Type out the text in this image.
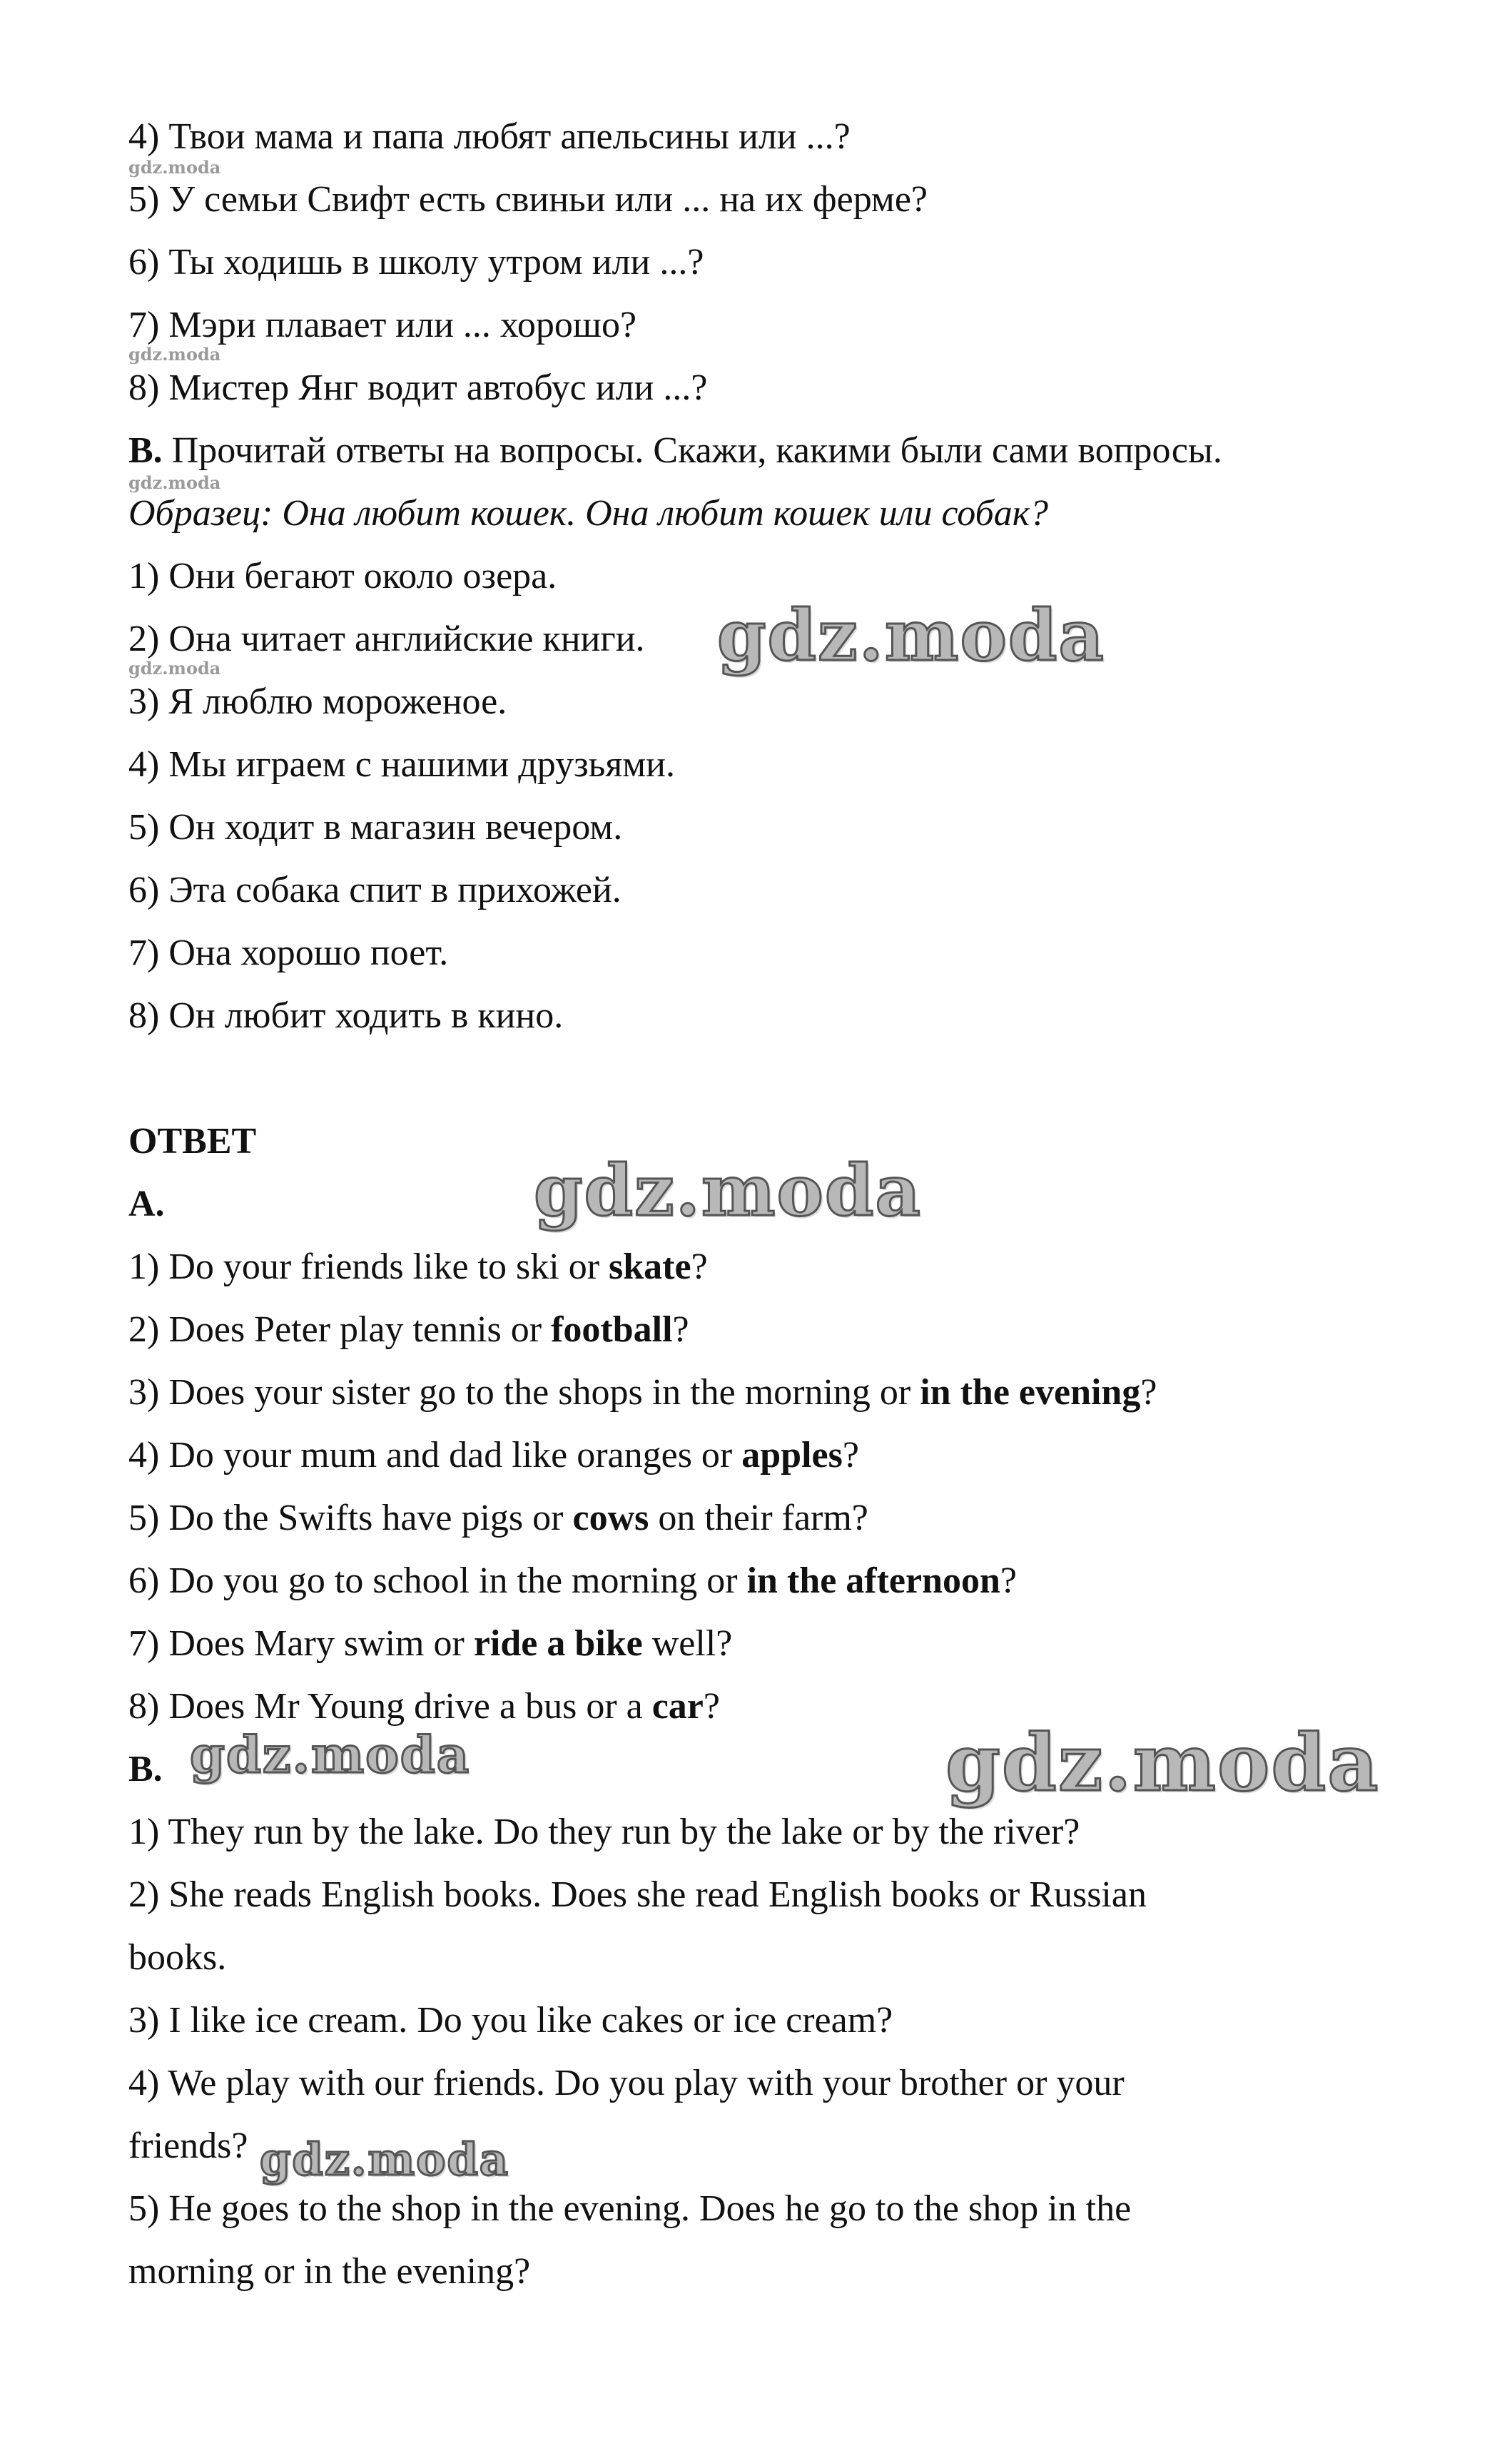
4) Твои мама и папа любят апельсины или ...?
gdz.moda
5) У семьи Свифт есть свиньи или ... на их ферме?
6) Ты ходишь в школу утром или ...?
7) Мэри плавает или ... хорошо?
gdz.moda
8) Мистер Янг водит автобус или ...?
B. Прочитай ответы на вопросы. Скажи, какими были сами вопросы.
gdz.moda
Образец: Она любит кошек. Она любит кошек или собак?
1) Они бегают около озера.
2) Она читает английские книги.
gdz.moda	gdz.moda
3) Я люблю мороженое.
4) Мы играем с нашими друзьями.
5) Он ходит в магазин вечером.
6) Эта собака спит в прихожей.
7) Она хорошо поет.
8) Он любит ходить в кино.
ОТВЕТ
A.	gdz.moda
1) Do your friends like to ski or skate?
2) Does Peter play tennis or football?
3) Does your sister go to the shops in the morning or in the evening?
4) Do your mum and dad like oranges or apples?
5) Do the Swifts have pigs or cows on their farm?
6) Do you go to school in the morning or in the afternoon?
7) Does Mary swim or ride a bike well?
8) Does Mr Young drive a bus or a car?
B. gdz.moda	gdz.moda
1) They run by the lake. Do they run by the lake or by the river?
2) She reads English books. Does she read English books or Russian
books.
3) I like ice cream. Do you like cakes or ice cream?
4) We play with our friends. Do you play with your brother or your
friends? gdz.moda
5) He goes to the shop in the evening. Does he go to the shop in the
morning or in the evening?
